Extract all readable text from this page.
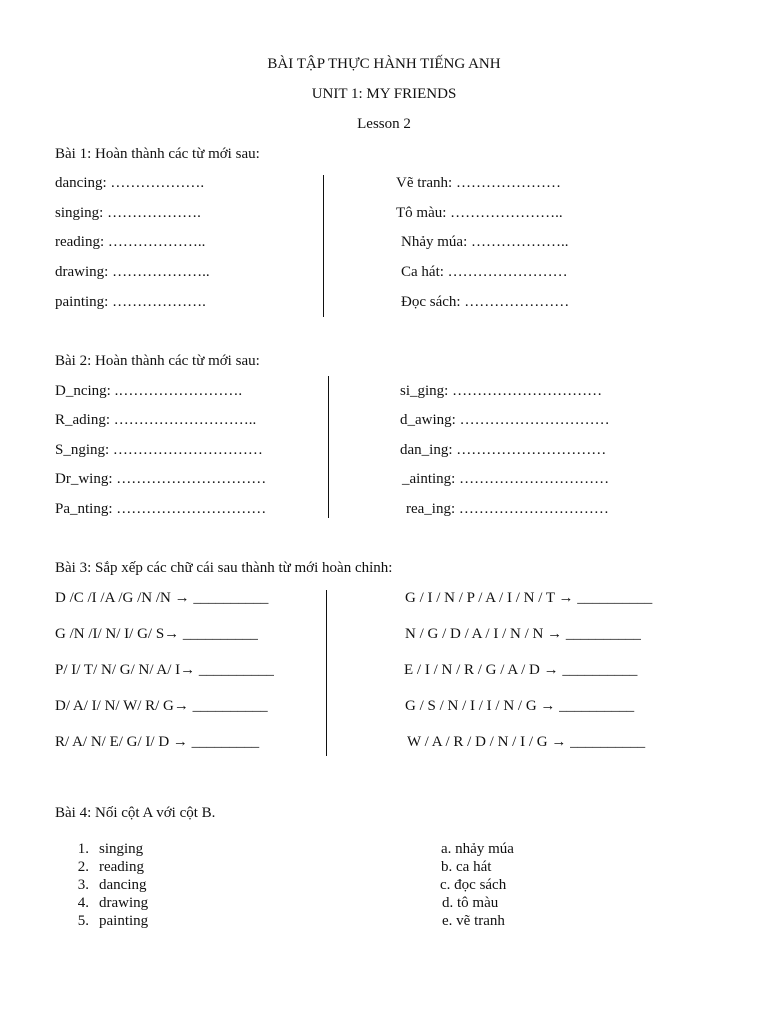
BÀI TẬP THỰC HÀNH TIẾNG ANH
UNIT 1: MY FRIENDS
Lesson 2
Bài 1: Hoàn thành các từ mới sau:
dancing: ……………….
singing: ……………….
reading: ………………..
drawing: ………………..
painting: ……………….
Vẽ tranh: …………………
Tô màu: …………………..
Nhảy múa: ………………..
Ca hát: ……………………
Đọc sách: …………………
Bài 2: Hoàn thành các từ mới sau:
D_ncing: .…………………….
R_ading: ………………………..
S_nging: …………………………
Dr_wing: …………………………
Pa_nting: …………………………
si_ging: …………………………
d_awing: …………………………
dan_ing: …………………………
_ainting: …………………………
rea_ing: …………………………
Bài 3: Sắp xếp các chữ cái sau thành từ mới hoàn chỉnh:
D /C /I /A /G /N /N → __________
G /N /I/ N/ I/ G/ S→ __________
P/ I/ T/ N/ G/ N/ A/ I→ __________
D/ A/ I/ N/ W/ R/ G→ __________
R/ A/ N/ E/ G/ I/ D → _________
G / I / N / P / A / I / N / T → __________
N / G / D / A / I / N / N → __________
E / I / N / R / G / A / D → __________
G / S / N / I / I / N / G → __________
W / A / R / D / N / I / G → __________
Bài 4: Nối cột A với cột B.
1. singing
2. reading
3. dancing
4. drawing
5. painting
a. nhảy múa
b. ca hát
c. đọc sách
d. tô màu
e. vẽ tranh
